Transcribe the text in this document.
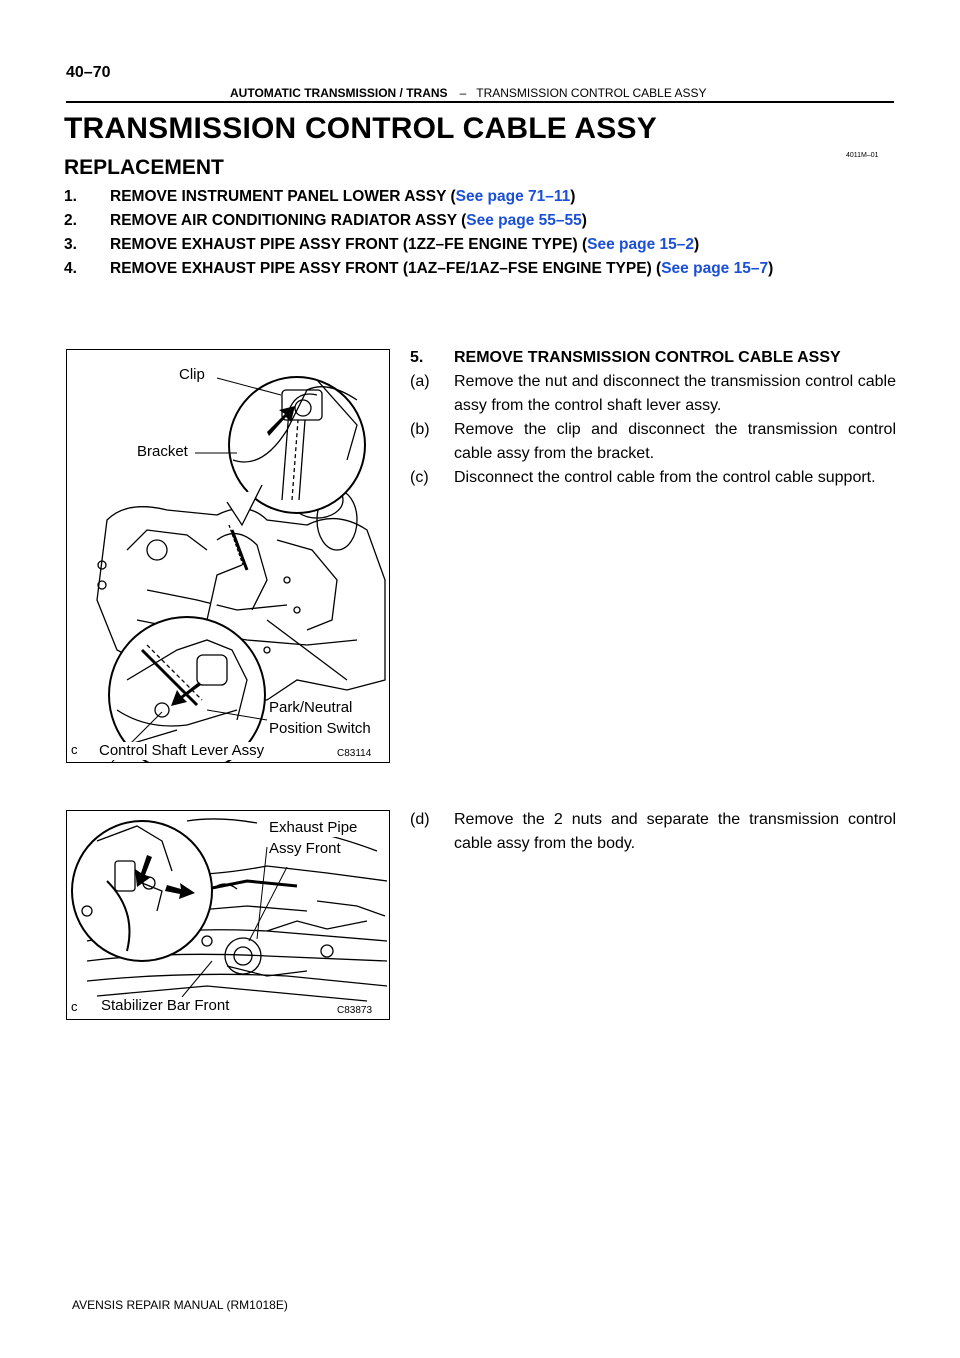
40–70
AUTOMATIC TRANSMISSION / TRANS – TRANSMISSION CONTROL CABLE ASSY
TRANSMISSION CONTROL CABLE ASSY
REPLACEMENT
4011M–01
1. REMOVE INSTRUMENT PANEL LOWER ASSY (See page 71–11)
2. REMOVE AIR CONDITIONING RADIATOR ASSY (See page 55–55)
3. REMOVE EXHAUST PIPE ASSY FRONT (1ZZ–FE ENGINE TYPE) (See page 15–2)
4. REMOVE EXHAUST PIPE ASSY FRONT (1AZ–FE/1AZ–FSE ENGINE TYPE) (See page 15–7)
Clip
Bracket
Park/Neutral
Position Switch
Control Shaft Lever Assy
c	C83114
Exhaust Pipe
Assy Front
Stabilizer Bar Front
c	C83873
5. REMOVE TRANSMISSION CONTROL CABLE ASSY
(a) Remove the nut and disconnect the transmission control cable assy from the control shaft lever assy.
(b) Remove the clip and disconnect the transmission control cable assy from the bracket.
(c) Disconnect the control cable from the control cable support.
(d) Remove the 2 nuts and separate the transmission control cable assy from the body.
AVENSIS REPAIR MANUAL (RM1018E)
